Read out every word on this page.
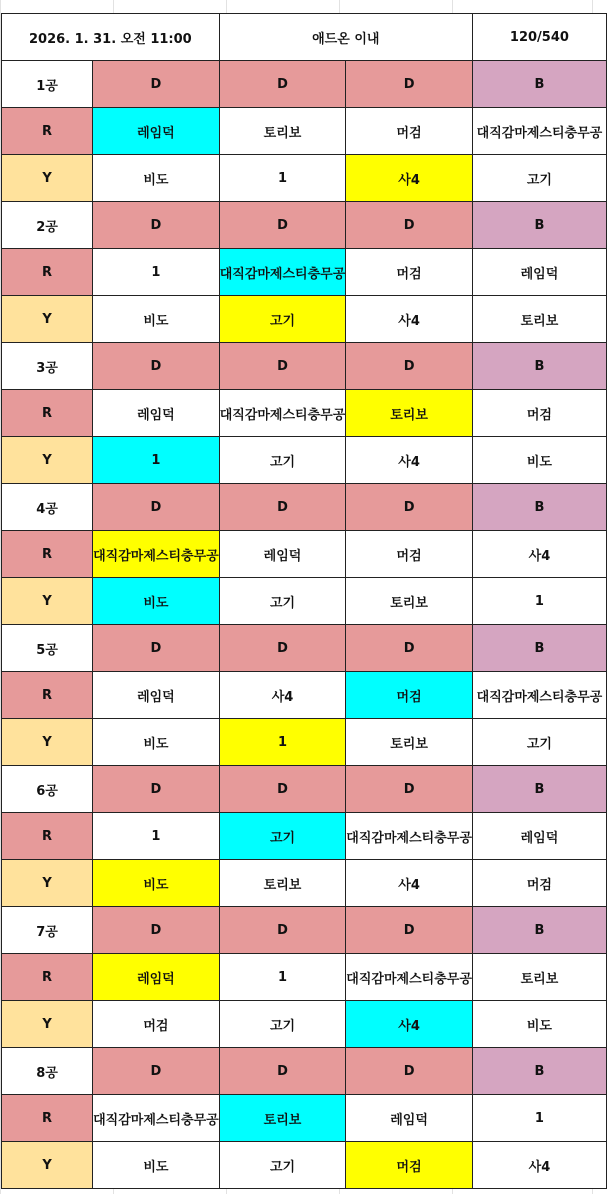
2026. 1. 31. 오전 11:00		애드온 이내		120/540
1공	D	D	D	B
R	레임덕	토리보	머검	대직감마제스티충무공
Y	비도	1	사4	고기
2공	D	D	D	B
R	1	대직감마제스티충무공	머검	레임덕
Y	비도	고기	사4	토리보
3공	D	D	D	B
R	레임덕	대직감마제스티충무공	토리보	머검
Y	1	고기	사4	비도
4공	D	D	D	B
R	대직감마제스티충무공	레임덕	머검	사4
Y	비도	고기	토리보	1
5공	D	D	D	B
R	레임덕	사4	머검	대직감마제스티충무공
Y	비도	1	토리보	고기
6공	D	D	D	B
R	1	고기	대직감마제스티충무공	레임덕
Y	비도	토리보	사4	머검
7공	D	D	D	B
R	레임덕	1	대직감마제스티충무공	토리보
Y	머검	고기	사4	비도
8공	D	D	D	B
R	대직감마제스티충무공	토리보	레임덕	1
Y	비도	고기	머검	사4
